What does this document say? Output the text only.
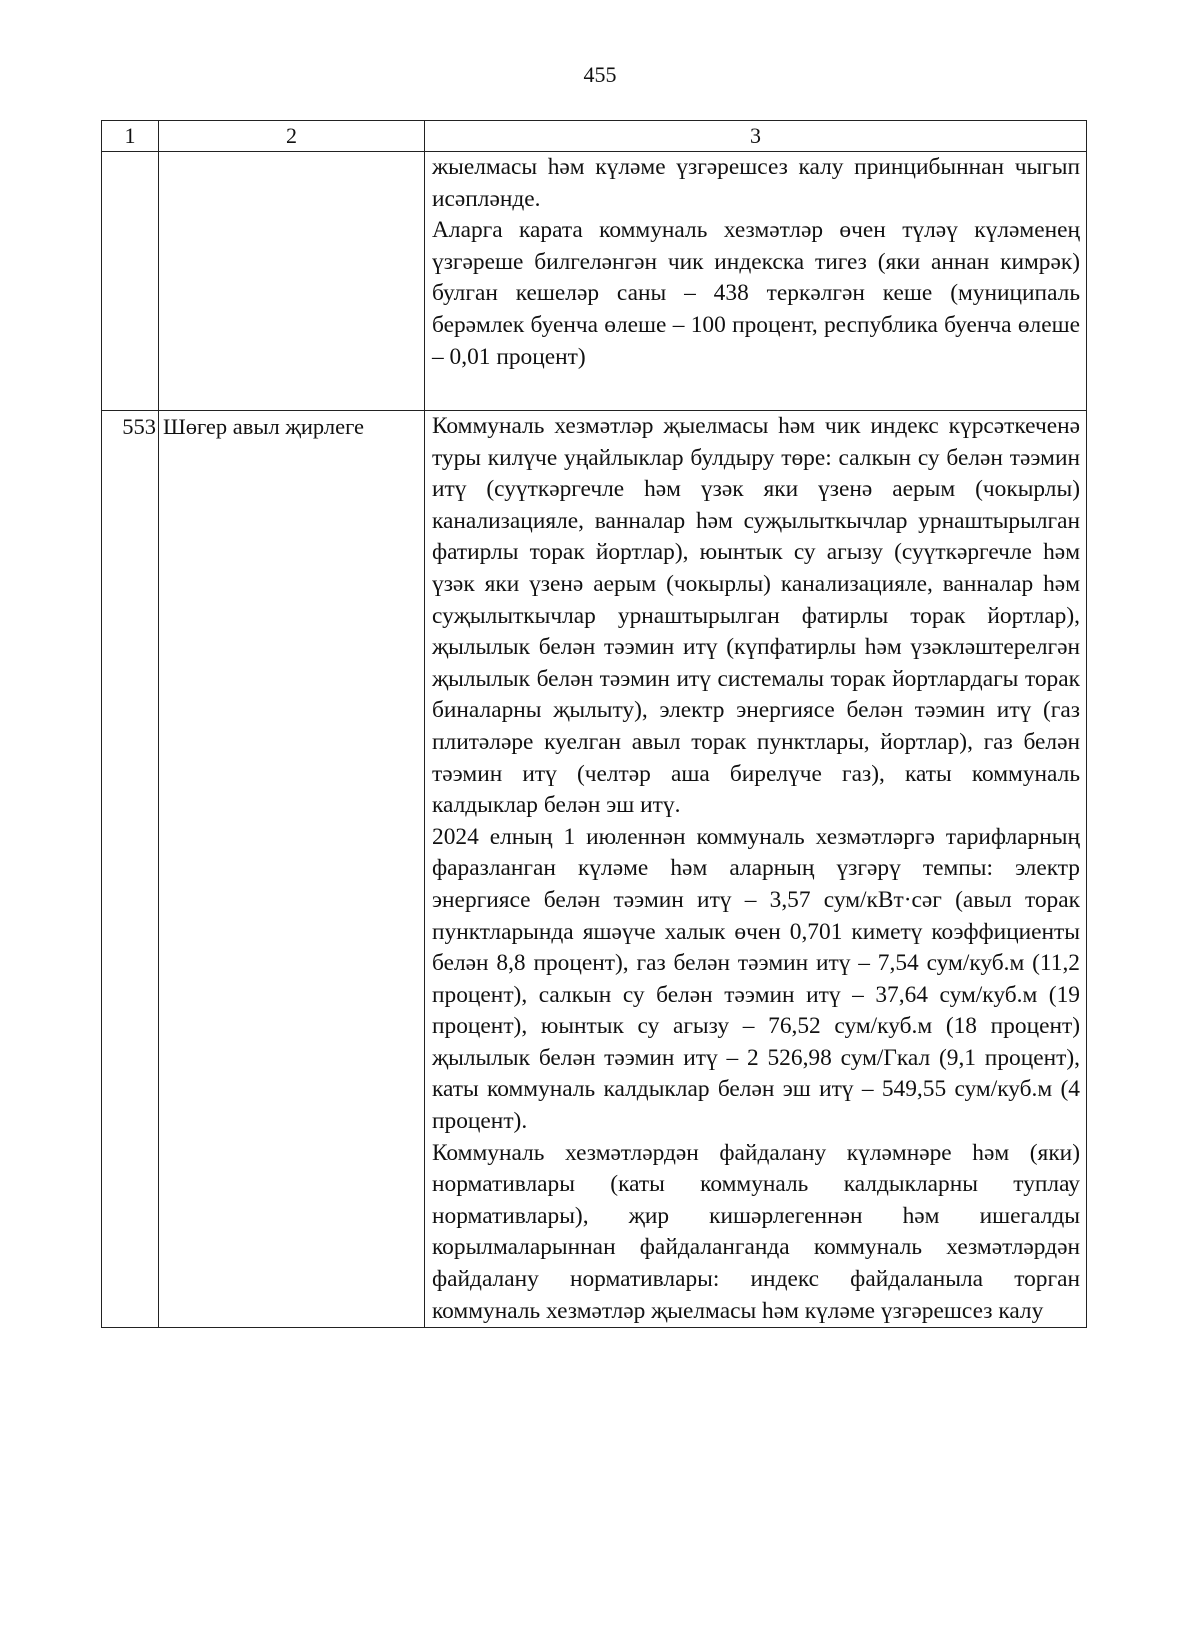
455
1	2	3

		жыелмасы һәм күләме үзгәрешсез калу принцибыннан чыгып исәпләнде.

Аларга карата коммуналь хезмәтләр өчен түләү күләменең үзгәреше билгеләнгән чик индекска тигез (яки аннан кимрәк) булган кешеләр саны – 438 теркәлгән кеше (муниципаль берәмлек буенча өлеше – 100 процент, республика буенча өлеше – 0,01 процент)

553	Шөгер авыл җирлеге	Коммуналь хезмәтләр җыелмасы һәм чик индекс күрсәткеченә туры килүче уңайлыклар булдыру төре: салкын су белән тәэмин итү (суүткәргечле һәм үзәк яки үзенә аерым (чокырлы) канализацияле, ванналар һәм суҗылыткычлар урнаштырылган фатирлы торак йортлар), юынтык су агызу (суүткәргечле һәм үзәк яки үзенә аерым (чокырлы) канализацияле, ванналар һәм суҗылыткычлар урнаштырылган фатирлы торак йортлар), җылылык белән тәэмин итү (күпфатирлы һәм үзәкләштерелгән җылылык белән тәэмин итү системалы торак йортлардагы торак биналарны җылыту), электр энергиясе белән тәэмин итү (газ плитәләре куелган авыл торак пунктлары, йортлар), газ белән тәэмин итү (челтәр аша бирелүче газ), каты коммуналь калдыклар белән эш итү.

2024 елның 1 июленнән коммуналь хезмәтләргә тарифларның фаразланган күләме һәм аларның үзгәрү темпы: электр энергиясе белән тәэмин итү – 3,57 сум/кВт·сәг (авыл торак пунктларында яшәүче халык өчен 0,701 киметү коэффициенты белән 8,8 процент), газ белән тәэмин итү – 7,54 сум/куб.м (11,2 процент), салкын су белән тәэмин итү – 37,64 сум/куб.м (19 процент), юынтык су агызу – 76,52 сум/куб.м (18 процент) җылылык белән тәэмин итү – 2 526,98 сум/Гкал (9,1 процент), каты коммуналь калдыклар белән эш итү – 549,55 сум/куб.м (4 процент).

Коммуналь хезмәтләрдән файдалану күләмнәре һәм (яки) нормативлары (каты коммуналь калдыкларны туплау нормативлары), җир кишәрлегеннән һәм ишегалды корылмаларыннан файдаланганда коммуналь хезмәтләрдән файдалану нормативлары: индекс файдаланыла торган коммуналь хезмәтләр җыелмасы һәм күләме үзгәрешсез калу
